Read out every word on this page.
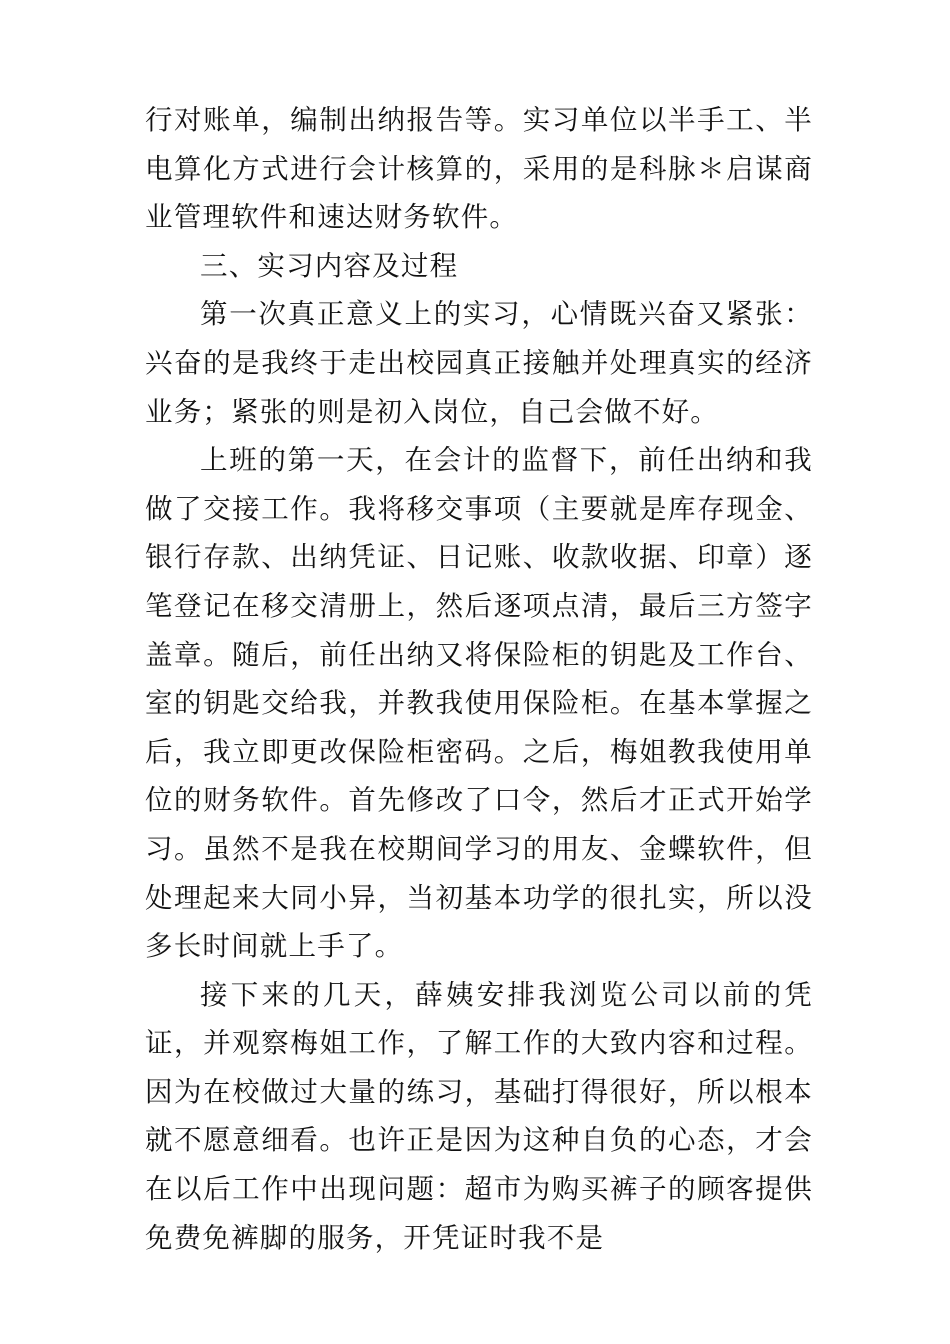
行对账单，编制出纳报告等。实习单位以半手工、半电算化方式进行会计核算的，采用的是科脉＊启谋商业管理软件和速达财务软件。

三、实习内容及过程

第一次真正意义上的实习，心情既兴奋又紧张：兴奋的是我终于走出校园真正接触并处理真实的经济业务；紧张的则是初入岗位，自己会做不好。

上班的第一天，在会计的监督下，前任出纳和我做了交接工作。我将移交事项（主要就是库存现金、银行存款、出纳凭证、日记账、收款收据、印章）逐笔登记在移交清册上，然后逐项点清，最后三方签字盖章。随后，前任出纳又将保险柜的钥匙及工作台、室的钥匙交给我，并教我使用保险柜。在基本掌握之后，我立即更改保险柜密码。之后，梅姐教我使用单位的财务软件。首先修改了口令，然后才正式开始学习。虽然不是我在校期间学习的用友、金蝶软件，但处理起来大同小异，当初基本功学的很扎实，所以没多长时间就上手了。

接下来的几天，薛姨安排我浏览公司以前的凭证，并观察梅姐工作，了解工作的大致内容和过程。因为在校做过大量的练习，基础打得很好，所以根本就不愿意细看。也许正是因为这种自负的心态，才会在以后工作中出现问题：超市为购买裤子的顾客提供免费免裤脚的服务，开凭证时我不是
